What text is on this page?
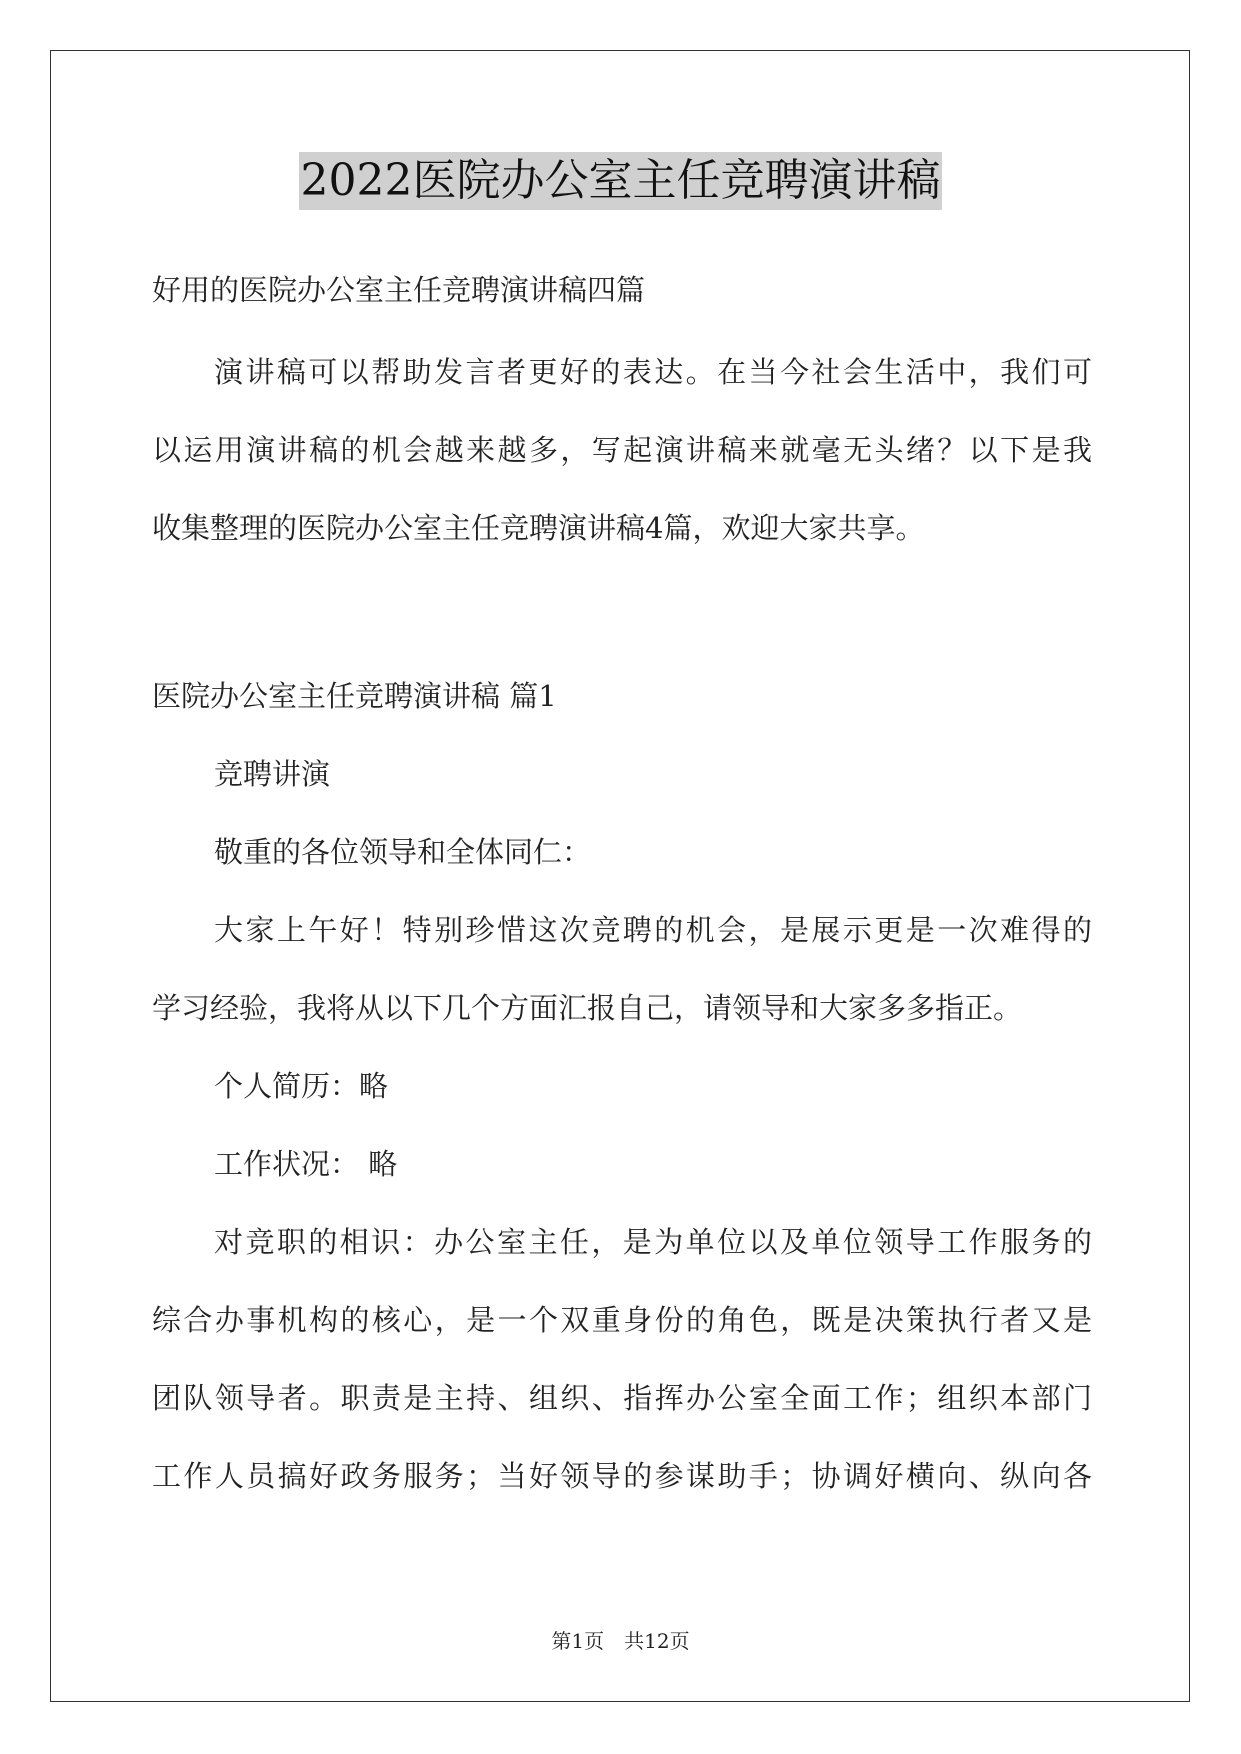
2022医院办公室主任竞聘演讲稿
好用的医院办公室主任竞聘演讲稿四篇
演讲稿可以帮助发言者更好的表达。在当今社会生活中，我们可
以运用演讲稿的机会越来越多，写起演讲稿来就毫无头绪？以下是我
收集整理的医院办公室主任竞聘演讲稿4篇，欢迎大家共享。
医院办公室主任竞聘演讲稿 篇1
竞聘讲演
敬重的各位领导和全体同仁：
大家上午好！特别珍惜这次竞聘的机会，是展示更是一次难得的
学习经验，我将从以下几个方面汇报自己，请领导和大家多多指正。
个人简历：略
工作状况： 略
对竞职的相识：办公室主任，是为单位以及单位领导工作服务的
综合办事机构的核心，是一个双重身份的角色，既是决策执行者又是
团队领导者。职责是主持、组织、指挥办公室全面工作；组织本部门
工作人员搞好政务服务；当好领导的参谋助手；协调好横向、纵向各
第1页 共12页
